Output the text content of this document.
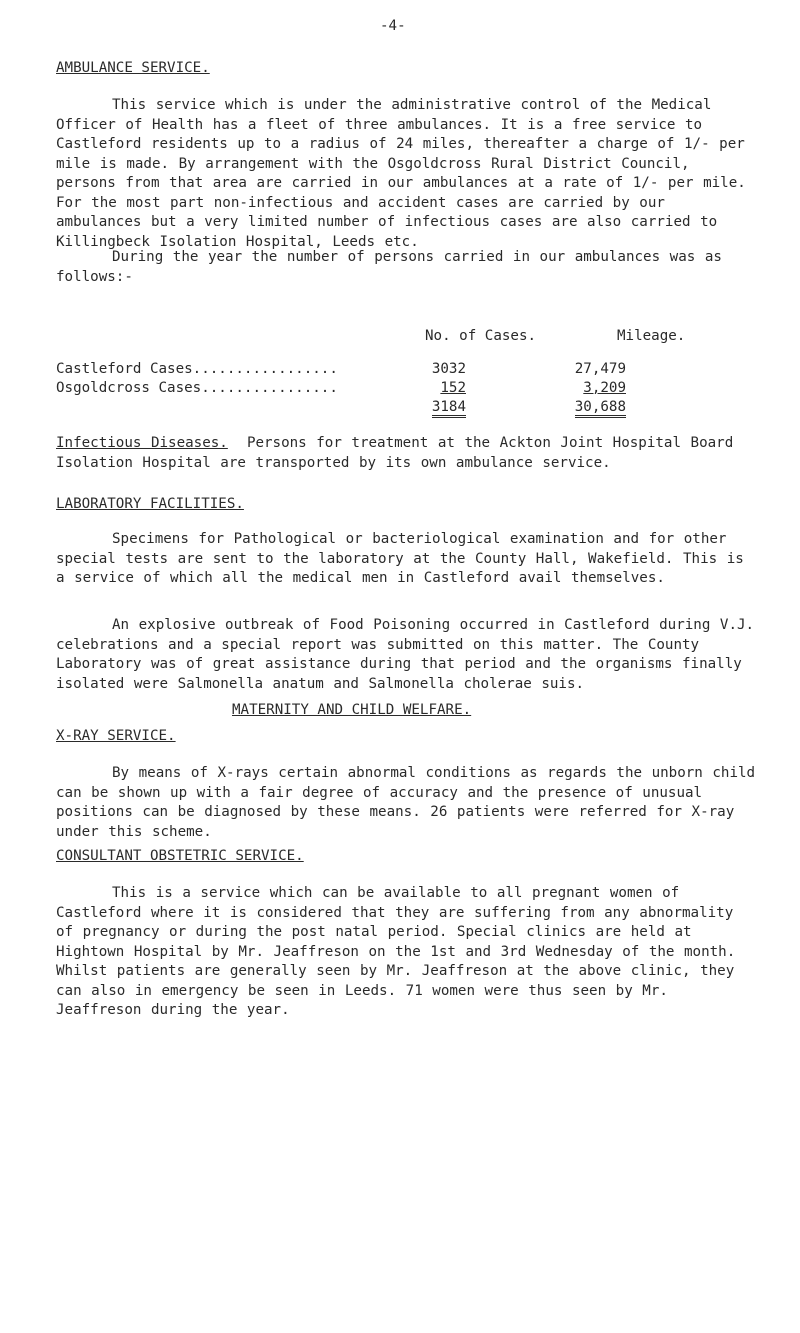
-4-
AMBULANCE SERVICE.
This service which is under the administrative control of the Medical Officer of Health has a fleet of three ambulances. It is a free service to Castleford residents up to a radius of 24 miles, thereafter a charge of 1/- per mile is made. By arrangement with the Osgoldcross Rural District Council, persons from that area are carried in our ambulances at a rate of 1/- per mile. For the most part non-infectious and accident cases are carried by our ambulances but a very limited number of infectious cases are also carried to Killingbeck Isolation Hospital, Leeds etc.
During the year the number of persons carried in our ambulances was as follows:-
No. of Cases.	Mileage.
Castleford Cases.................	3032	27,479
Osgoldcross Cases................	152	3,209
	3184	30,688
Infectious Diseases. Persons for treatment at the Ackton Joint Hospital Board Isolation Hospital are transported by its own ambulance service.
LABORATORY FACILITIES.
Specimens for Pathological or bacteriological examination and for other special tests are sent to the laboratory at the County Hall, Wakefield. This is a service of which all the medical men in Castleford avail themselves.
An explosive outbreak of Food Poisoning occurred in Castleford during V.J. celebrations and a special report was submitted on this matter. The County Laboratory was of great assistance during that period and the organisms finally isolated were Salmonella anatum and Salmonella cholerae suis.
MATERNITY AND CHILD WELFARE.
X-RAY SERVICE.
By means of X-rays certain abnormal conditions as regards the unborn child can be shown up with a fair degree of accuracy and the presence of unusual positions can be diagnosed by these means. 26 patients were referred for X-ray under this scheme.
CONSULTANT OBSTETRIC SERVICE.
This is a service which can be available to all pregnant women of Castleford where it is considered that they are suffering from any abnormality of pregnancy or during the post natal period. Special clinics are held at Hightown Hospital by Mr. Jeaffreson on the 1st and 3rd Wednesday of the month. Whilst patients are generally seen by Mr. Jeaffreson at the above clinic, they can also in emergency be seen in Leeds. 71 women were thus seen by Mr. Jeaffreson during the year.
